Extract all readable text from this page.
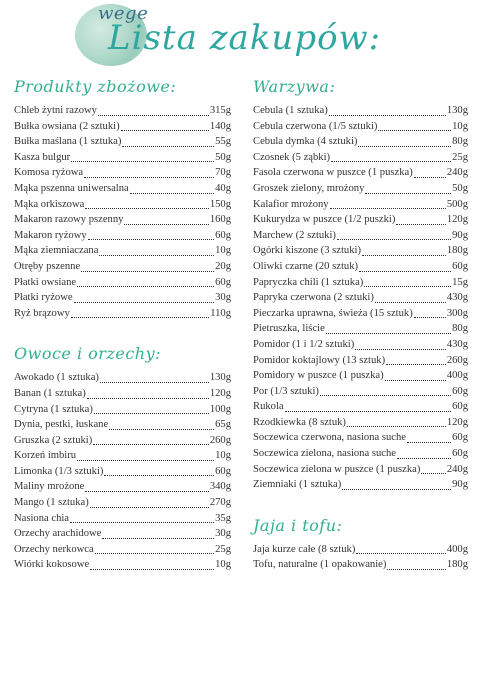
wege
Lista zakupów:
Produkty zbożowe:
Chleb żytni razowy	315g
Bułka owsiana (2 sztuki)	140g
Bułka maślana (1 sztuka)	55g
Kasza bulgur	50g
Komosa ryżowa	70g
Mąka pszenna uniwersalna	40g
Mąka orkiszowa	150g
Makaron razowy pszenny	160g
Makaron ryżowy	60g
Mąka ziemniaczana	10g
Otręby pszenne	20g
Płatki owsiane	60g
Płatki ryżowe	30g
Ryż brązowy	110g
Owoce i orzechy:
Awokado (1 sztuka)	130g
Banan (1 sztuka)	120g
Cytryna (1 sztuka)	100g
Dynia, pestki, łuskane	65g
Gruszka (2 sztuki)	260g
Korzeń imbiru	10g
Limonka (1/3 sztuki)	60g
Maliny mrożone	340g
Mango (1 sztuka)	270g
Nasiona chia	35g
Orzechy arachidowe	30g
Orzechy nerkowca	25g
Wiórki kokosowe	10g
Warzywa:
Cebula (1 sztuka)	130g
Cebula czerwona (1/5 sztuki)	10g
Cebula dymka (4 sztuki)	80g
Czosnek (5 ząbki)	25g
Fasola czerwona w puszce (1 puszka)	240g
Groszek zielony, mrożony	50g
Kalafior mrożony	500g
Kukurydza w puszce (1/2 puszki)	120g
Marchew (2 sztuki)	90g
Ogórki kiszone (3 sztuki)	180g
Oliwki czarne (20 sztuk)	60g
Papryczka chili (1 sztuka)	15g
Papryka czerwona (2 sztuki)	430g
Pieczarka uprawna, świeża (15 sztuk)	300g
Pietruszka, liście	80g
Pomidor (1 i 1/2 sztuki)	430g
Pomidor koktajlowy (13 sztuk)	260g
Pomidory w puszce (1 puszka)	400g
Por (1/3 sztuki)	60g
Rukola	60g
Rzodkiewka (8 sztuk)	120g
Soczewica czerwona, nasiona suche	60g
Soczewica zielona, nasiona suche	60g
Soczewica zielona w puszce (1 puszka) 240g
Ziemniaki (1 sztuka)	90g
Jaja i tofu:
Jaja kurze całe (8 sztuk)	400g
Tofu, naturalne (1 opakowanie)	180g
